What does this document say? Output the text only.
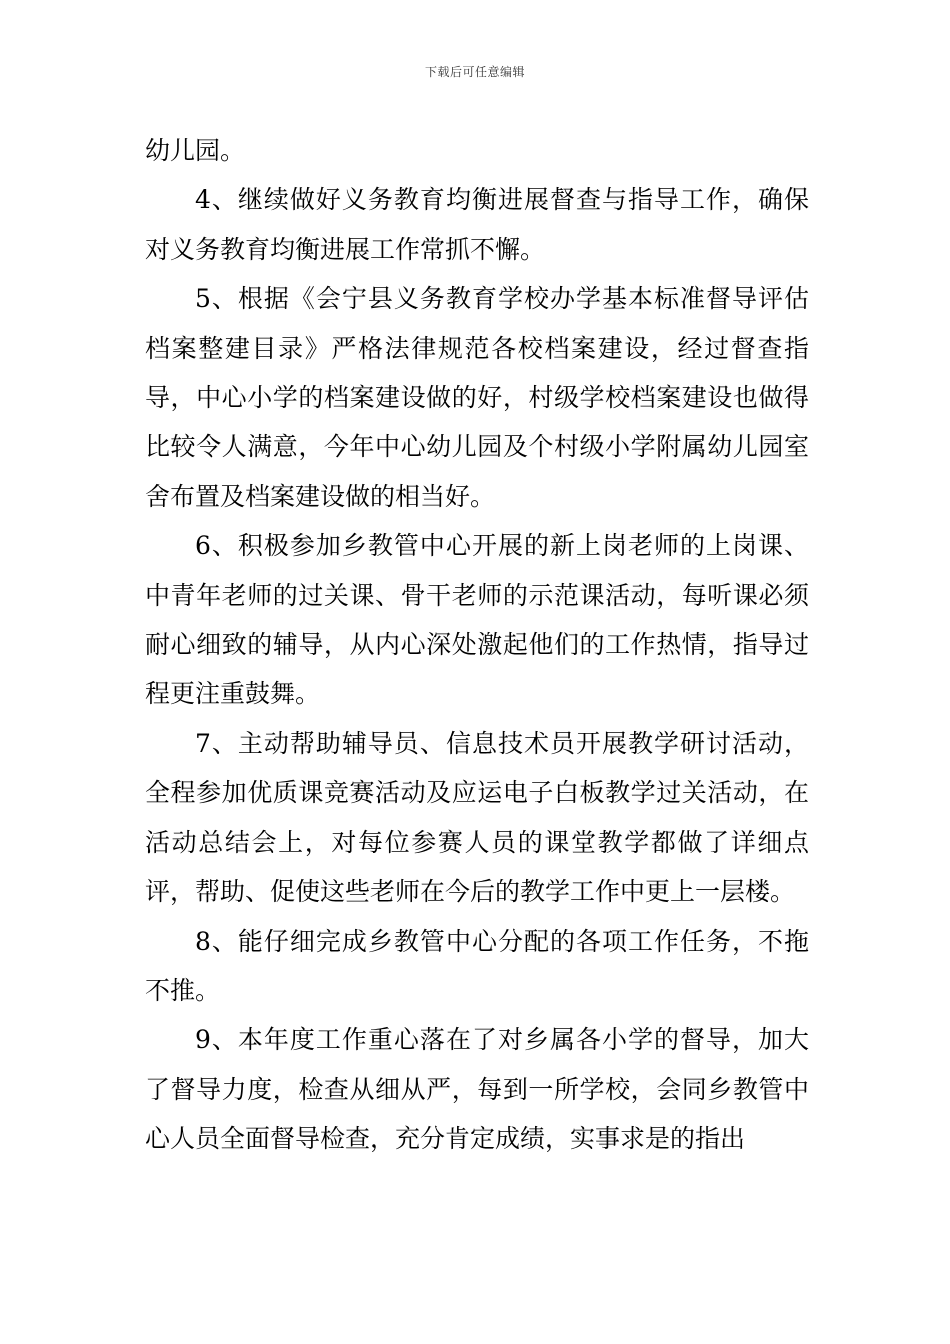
下载后可任意编辑

幼儿园。

4、继续做好义务教育均衡进展督查与指导工作，确保对义务教育均衡进展工作常抓不懈。

5、根据《会宁县义务教育学校办学基本标准督导评估档案整建目录》严格法律规范各校档案建设，经过督查指导，中心小学的档案建设做的好，村级学校档案建设也做得比较令人满意，今年中心幼儿园及个村级小学附属幼儿园室舍布置及档案建设做的相当好。

6、积极参加乡教管中心开展的新上岗老师的上岗课、中青年老师的过关课、骨干老师的示范课活动，每听课必须耐心细致的辅导，从内心深处激起他们的工作热情，指导过程更注重鼓舞。

7、主动帮助辅导员、信息技术员开展教学研讨活动，全程参加优质课竞赛活动及应运电子白板教学过关活动，在活动总结会上，对每位参赛人员的课堂教学都做了详细点评，帮助、促使这些老师在今后的教学工作中更上一层楼。

8、能仔细完成乡教管中心分配的各项工作任务，不拖不推。

9、本年度工作重心落在了对乡属各小学的督导，加大了督导力度，检查从细从严，每到一所学校，会同乡教管中心人员全面督导检查，充分肯定成绩，实事求是的指出
